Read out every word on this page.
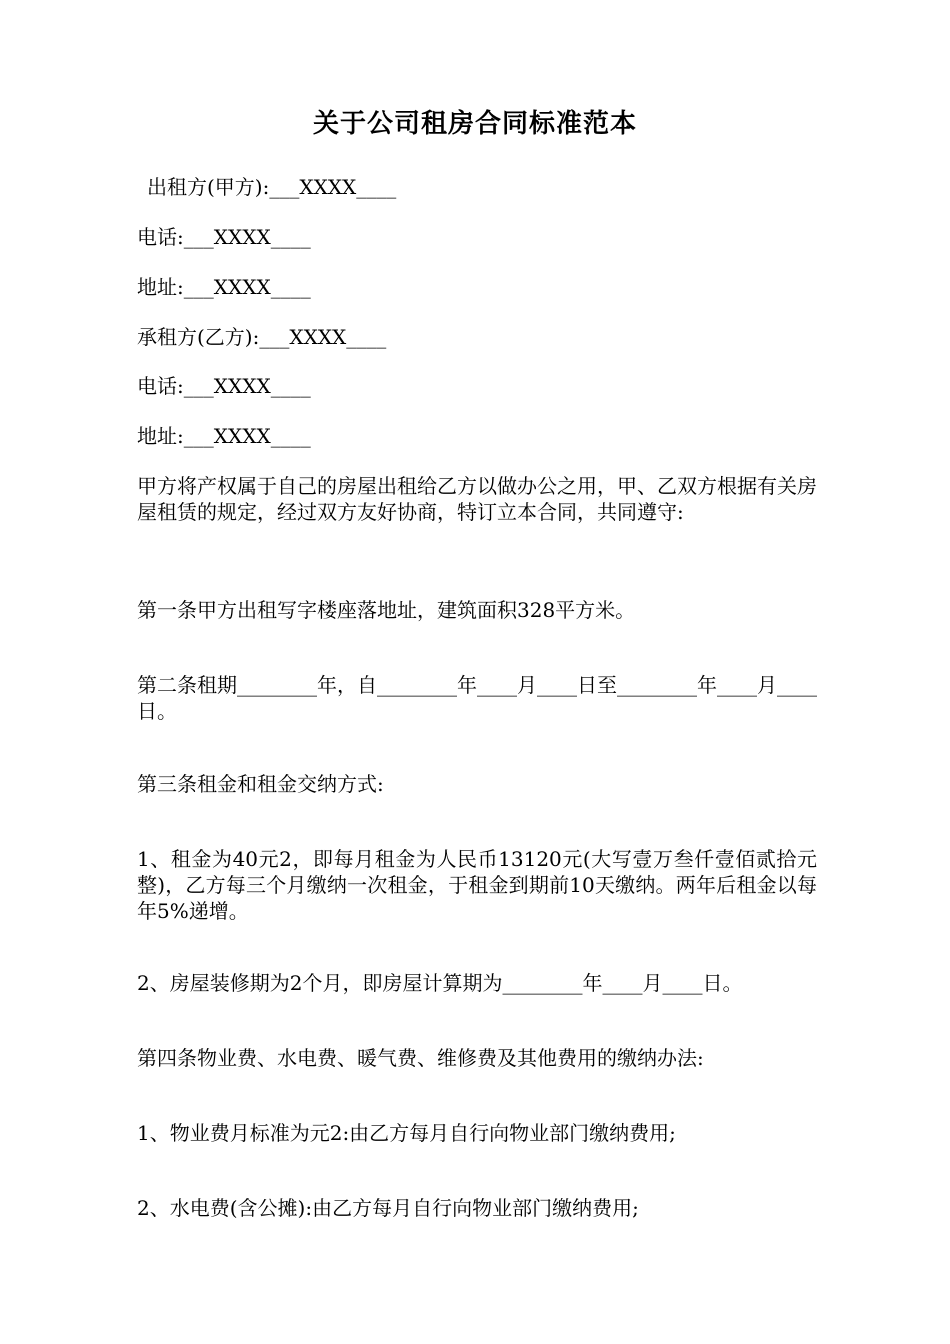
关于公司租房合同标准范本
出租方(甲方):___XXXX____
电话:___XXXX____
地址:___XXXX____
承租方(乙方):___XXXX____
电话:___XXXX____
地址:___XXXX____
甲方将产权属于自己的房屋出租给乙方以做办公之用，甲、乙双方根据有关房屋租赁的规定，经过双方友好协商，特订立本合同，共同遵守:
第一条甲方出租写字楼座落地址，建筑面积328平方米。
第二条租期________年，自________年____月____日至________年____月____日。
第三条租金和租金交纳方式:
1、租金为40元2，即每月租金为人民币13120元(大写壹万叁仟壹佰贰拾元整)，乙方每三个月缴纳一次租金，于租金到期前10天缴纳。两年后租金以每年5%递增。
2、房屋装修期为2个月，即房屋计算期为________年____月____日。
第四条物业费、水电费、暖气费、维修费及其他费用的缴纳办法:
1、物业费月标准为元2:由乙方每月自行向物业部门缴纳费用;
2、水电费(含公摊):由乙方每月自行向物业部门缴纳费用;
